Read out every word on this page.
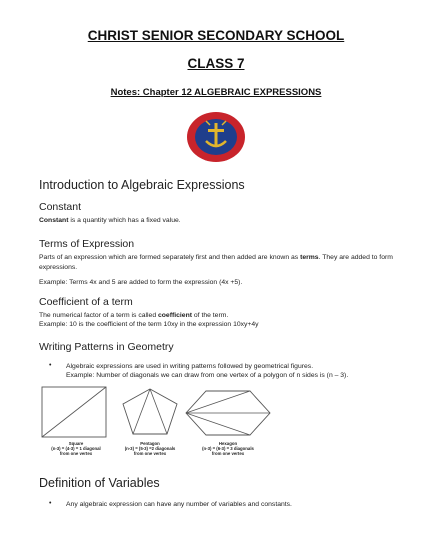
CHRIST SENIOR SECONDARY SCHOOL
CLASS 7
Notes: Chapter 12 ALGEBRAIC EXPRESSIONS
Introduction to Algebraic Expressions
Constant
Constant is a quantity which has a fixed value.
Terms of Expression
Parts of an expression which are formed separately first and then added are known as terms. They are added to form expressions.
Example: Terms 4x and 5 are added to form the expression (4x +5).
Coefficient of a term
The numerical factor of a term is called coefficient of the term.
Example: 10 is the coefficient of the term 10xy in the expression 10xy+4y
Writing Patterns in Geometry
• Algebraic expressions are used in writing patterns followed by geometrical figures.
Example: Number of diagonals we can draw from one vertex of a polygon of n sides is (n – 3).
Square
(n-3) = (4-3) = 1 diagonal
from one vertex
Pentagon
(n-3) = (5-3) =2 diagonals
from one vertex
Hexagon
(n-3) = (6-3) = 3 diagonals
from one vertex
Definition of Variables
• Any algebraic expression can have any number of variables and constants.
